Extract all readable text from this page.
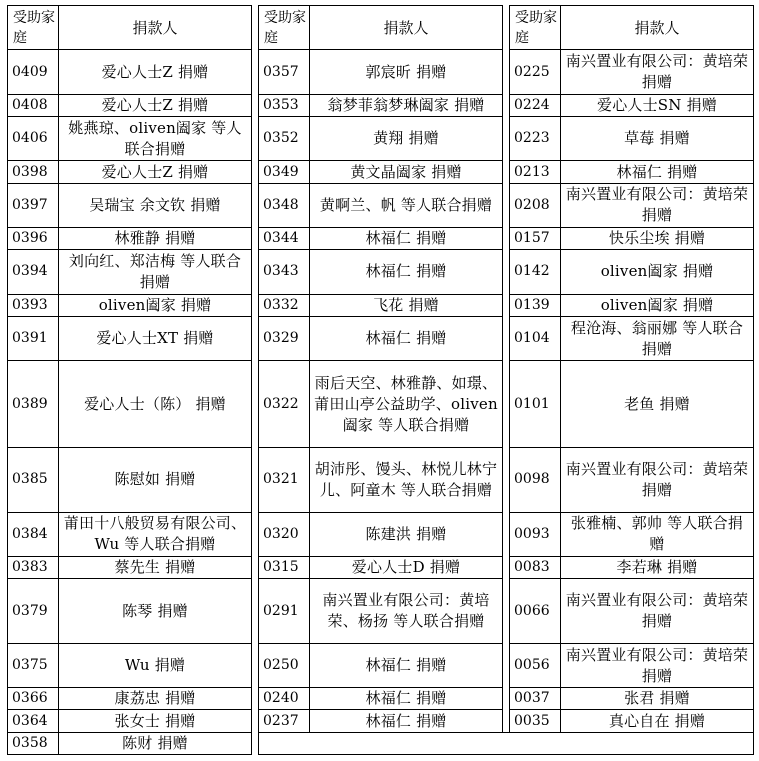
受助家庭	捐款人		受助家庭	捐款人		受助家庭	捐款人
0409	爱心人士Z 捐赠		0357	郭宸昕 捐赠		0225	南兴置业有限公司：黄培荣 捐赠
0408	爱心人士Z 捐赠		0353	翁梦菲翁梦琳阖家 捐赠		0224	爱心人士SN 捐赠
0406	姚燕琼、oliven阖家 等人联合捐赠		0352	黄翔 捐赠		0223	草莓 捐赠
0398	爱心人士Z 捐赠		0349	黄文晶阖家 捐赠		0213	林福仁 捐赠
0397	吴瑞宝 余文钦 捐赠		0348	黄啊兰、帆 等人联合捐赠		0208	南兴置业有限公司：黄培荣 捐赠
0396	林雅静 捐赠		0344	林福仁 捐赠		0157	快乐尘埃 捐赠
0394	刘向红、郑洁梅 等人联合捐赠		0343	林福仁 捐赠		0142	oliven阖家 捐赠
0393	oliven阖家 捐赠		0332	飞花 捐赠		0139	oliven阖家 捐赠
0391	爱心人士XT 捐赠		0329	林福仁 捐赠		0104	程沧海、翁丽娜 等人联合捐赠
0389	爱心人士（陈） 捐赠		0322	雨后天空、林雅静、如璟、莆田山亭公益助学、oliven阖家 等人联合捐赠		0101	老鱼 捐赠
0385	陈慰如 捐赠		0321	胡沛彤、馒头、林悦儿林宁儿、阿童木 等人联合捐赠		0098	南兴置业有限公司：黄培荣 捐赠
0384	莆田十八般贸易有限公司、Wu 等人联合捐赠		0320	陈建洪 捐赠		0093	张雅楠、郭帅 等人联合捐赠
0383	蔡先生 捐赠		0315	爱心人士D 捐赠		0083	李若琳 捐赠
0379	陈琴 捐赠		0291	南兴置业有限公司：黄培荣、杨扬 等人联合捐赠		0066	南兴置业有限公司：黄培荣 捐赠
0375	Wu 捐赠		0250	林福仁 捐赠		0056	南兴置业有限公司：黄培荣 捐赠
0366	康荔忠 捐赠		0240	林福仁 捐赠		0037	张君 捐赠
0364	张女士 捐赠		0237	林福仁 捐赠		0035	真心自在 捐赠
0358	陈财 捐赠						
